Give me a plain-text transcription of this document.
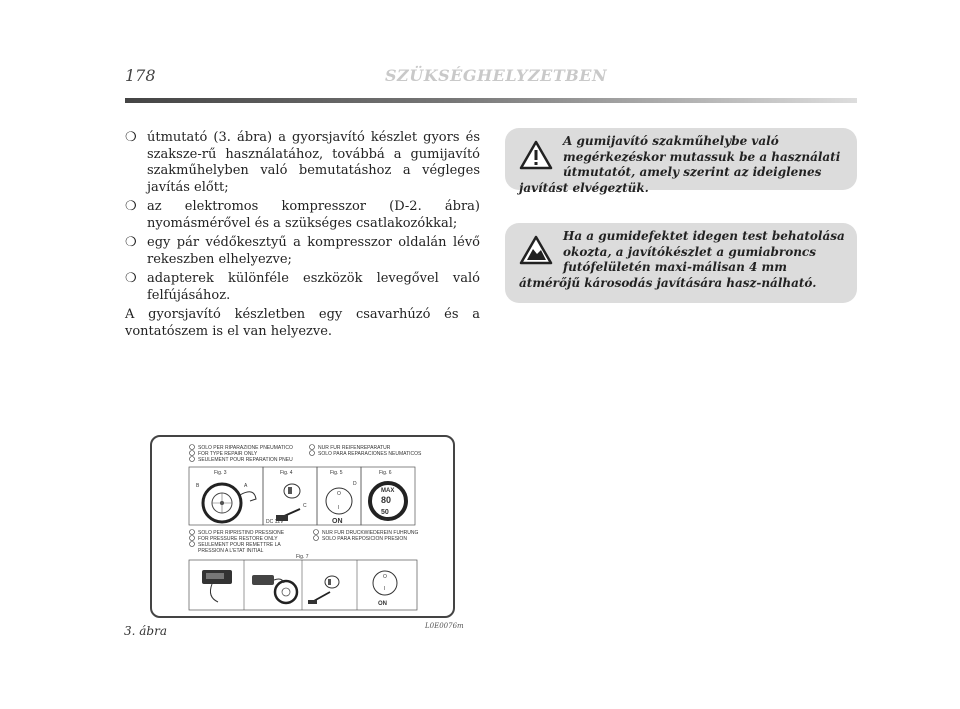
178	SZÜKSÉGHELYZETBEN
❍ útmutató (3. ábra) a gyorsjavító készlet gyors és szaksze-rű használatához, továbbá a gumijavító szakműhelyben való bemutatáshoz a végleges javítás előtt;
❍ az elektromos kompresszor (D-2. ábra) nyomásmérővel és a szükséges csatlakozókkal;
❍ egy pár védőkesztyű a kompresszor oldalán lévő rekeszben elhelyezve;
❍ adapterek különféle eszközök levegővel való felfújásához.
A gyorsjavító készletben egy csavarhúzó és a vontatószem is el van helyezve.
A gumijavító szakműhelybe való megérkezéskor mutassuk be a használati útmutatót, amely szerint az ideiglenes javítást elvégeztük.
Ha a gumidefektet idegen test behatolása okozta, a javítókészlet a gumiabroncs futófelületén maxi-málisan 4 mm átmérőjű károsodás javítására hasz-nálható.
SOLO PER RIPARAZIONE PNEUMATICO
FOR TYPE REPAIR ONLY
SEULEMENT POUR REPARATION PNEU
NUR FUR REIFENREPARATUR
SOLO PARA REPARACIONES NEUMATICOS
Fig. 3	Fig. 4	Fig. 5	Fig. 6
B	A
C
DC 12V
O
I
D
ON
MAX
80
50
km/h
SOLO PER RIPRISTINO PRESSIONE
FOR PRESSURE RESTORE ONLY
SEULEMENT POUR REMETTRE LA
PRESSION A L'ETAT INITIAL
NUR FUR DRUCKWIEDEREIN FUHRUNG
SOLO PARA REPOSICION PRESION
Fig. 7
O
I
ON
3. ábra	L0E0076m
